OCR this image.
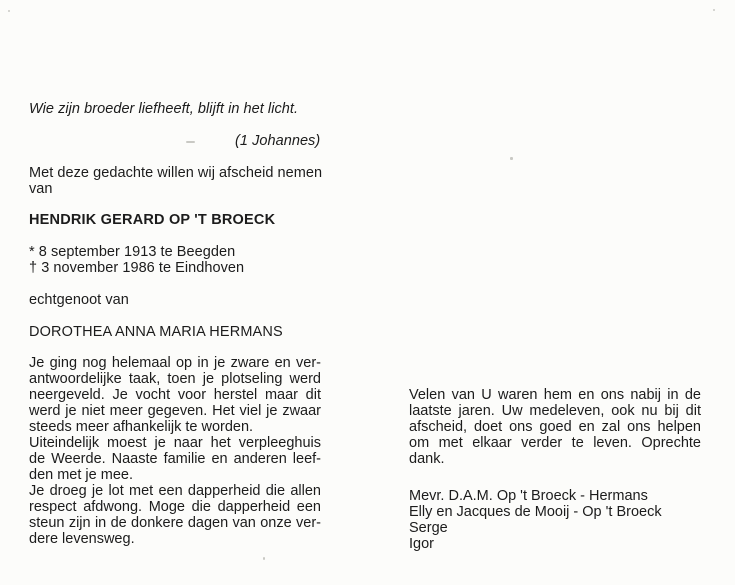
Wie zijn broeder liefheeft, blijft in het licht.
(1 Johannes)
Met deze gedachte willen wij afscheid nemen
van
HENDRIK GERARD OP 'T BROECK
* 8 september 1913 te Beegden
† 3 november 1986 te Eindhoven
echtgenoot van
DOROTHEA ANNA MARIA HERMANS
Je ging nog helemaal op in je zware en ver-
antwoordelijke taak, toen je plotseling werd
neergeveld. Je vocht voor herstel maar dit
werd je niet meer gegeven. Het viel je zwaar
steeds meer afhankelijk te worden.
Uiteindelijk moest je naar het verpleeghuis
de Weerde. Naaste familie en anderen leef-
den met je mee.
Je droeg je lot met een dapperheid die allen
respect afdwong. Moge die dapperheid een
steun zijn in de donkere dagen van onze ver-
dere levensweg.
Velen van U waren hem en ons nabij in de
laatste jaren. Uw medeleven, ook nu bij dit
afscheid, doet ons goed en zal ons helpen
om met elkaar verder te leven. Oprechte
dank.
Mevr. D.A.M. Op 't Broeck - Hermans
Elly en Jacques de Mooij - Op 't Broeck
Serge
Igor
